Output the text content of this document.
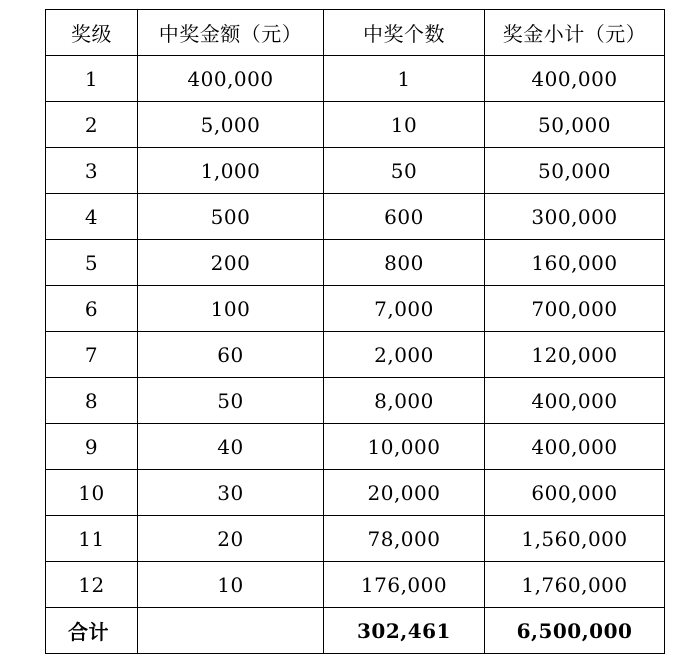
奖级	中奖金额（元）	中奖个数	奖金小计（元）
1	400,000	1	400,000
2	5,000	10	50,000
3	1,000	50	50,000
4	500	600	300,000
5	200	800	160,000
6	100	7,000	700,000
7	60	2,000	120,000
8	50	8,000	400,000
9	40	10,000	400,000
10	30	20,000	600,000
11	20	78,000	1,560,000
12	10	176,000	1,760,000
合计		302,461	6,500,000
